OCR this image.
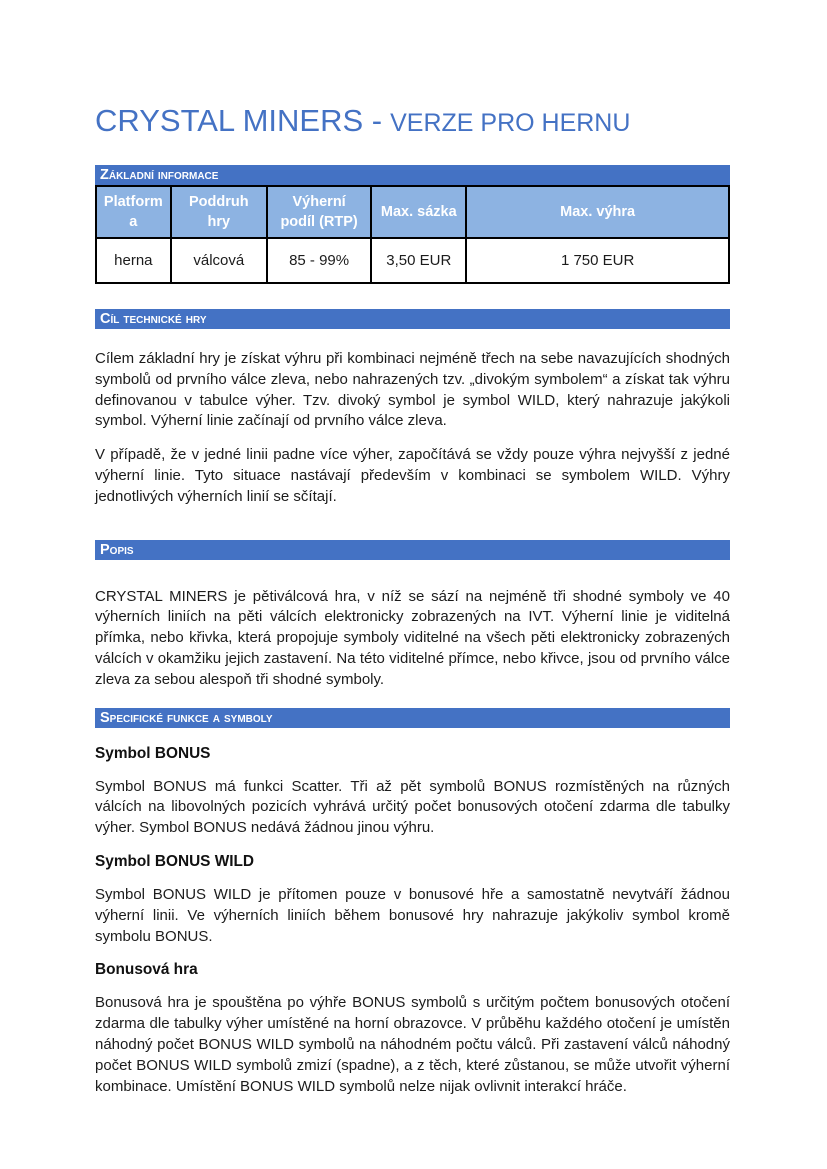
CRYSTAL MINERS - VERZE PRO HERNU
Základní informace
Platforma	Poddruh hry	Výherní podíl (RTP)	Max. sázka	Max. výhra
herna	válcová	85 - 99%	3,50 EUR	1 750 EUR
Cíl technické hry

Cílem základní hry je získat výhru při kombinaci nejméně třech na sebe navazujících shodných symbolů od prvního válce zleva, nebo nahrazených tzv. „divokým symbolem“ a získat tak výhru definovanou v tabulce výher. Tzv. divoký symbol je symbol WILD, který nahrazuje jakýkoli symbol. Výherní linie začínají od prvního válce zleva.

V případě, že v jedné linii padne více výher, započítává se vždy pouze výhra nejvyšší z jedné výherní linie. Tyto situace nastávají především v kombinaci se symbolem WILD. Výhry jednotlivých výherních linií se sčítají.

Popis

CRYSTAL MINERS je pětiválcová hra, v níž se sází na nejméně tři shodné symboly ve 40 výherních liniích na pěti válcích elektronicky zobrazených na IVT. Výherní linie je viditelná přímka, nebo křivka, která propojuje symboly viditelné na všech pěti elektronicky zobrazených válcích v okamžiku jejich zastavení. Na této viditelné přímce, nebo křivce, jsou od prvního válce zleva za sebou alespoň tři shodné symboly.

Specifické funkce a symboly
Symbol BONUS

Symbol BONUS má funkci Scatter. Tři až pět symbolů BONUS rozmístěných na různých válcích na libovolných pozicích vyhrává určitý počet bonusových otočení zdarma dle tabulky výher. Symbol BONUS nedává žádnou jinou výhru.

Symbol BONUS WILD

Symbol BONUS WILD je přítomen pouze v bonusové hře a samostatně nevytváří žádnou výherní linii. Ve výherních liniích během bonusové hry nahrazuje jakýkoliv symbol kromě symbolu BONUS.

Bonusová hra

Bonusová hra je spouštěna po výhře BONUS symbolů s určitým počtem bonusových otočení zdarma dle tabulky výher umístěné na horní obrazovce. V průběhu každého otočení je umístěn náhodný počet BONUS WILD symbolů na náhodném počtu válců. Při zastavení válců náhodný počet BONUS WILD symbolů zmizí (spadne), a z těch, které zůstanou, se může utvořit výherní kombinace. Umístění BONUS WILD symbolů nelze nijak ovlivnit interakcí hráče.
